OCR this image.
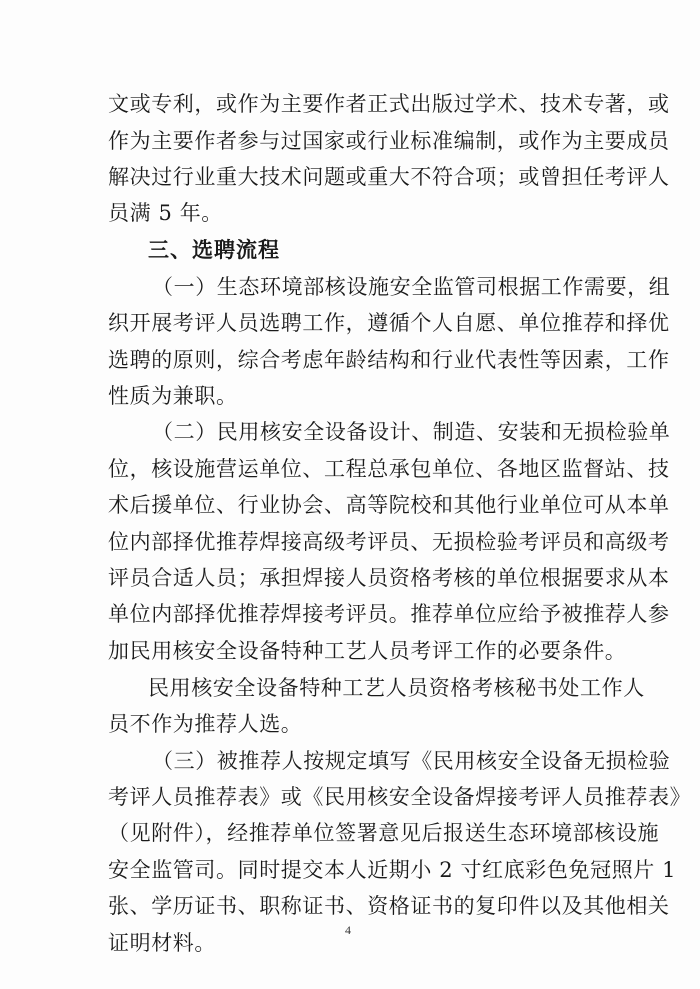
文或专利，或作为主要作者正式出版过学术、技术专著，或
作为主要作者参与过国家或行业标准编制，或作为主要成员
解决过行业重大技术问题或重大不符合项；或曾担任考评人
员满 5 年。
三、选聘流程
（一）生态环境部核设施安全监管司根据工作需要，组
织开展考评人员选聘工作，遵循个人自愿、单位推荐和择优
选聘的原则，综合考虑年龄结构和行业代表性等因素，工作
性质为兼职。
（二）民用核安全设备设计、制造、安装和无损检验单
位，核设施营运单位、工程总承包单位、各地区监督站、技
术后援单位、行业协会、高等院校和其他行业单位可从本单
位内部择优推荐焊接高级考评员、无损检验考评员和高级考
评员合适人员；承担焊接人员资格考核的单位根据要求从本
单位内部择优推荐焊接考评员。推荐单位应给予被推荐人参
加民用核安全设备特种工艺人员考评工作的必要条件。
民用核安全设备特种工艺人员资格考核秘书处工作人
员不作为推荐人选。
（三）被推荐人按规定填写《民用核安全设备无损检验
考评人员推荐表》或《民用核安全设备焊接考评人员推荐表》
（见附件），经推荐单位签署意见后报送生态环境部核设施
安全监管司。同时提交本人近期小 2 寸红底彩色免冠照片 1
张、学历证书、职称证书、资格证书的复印件以及其他相关
证明材料。
4
